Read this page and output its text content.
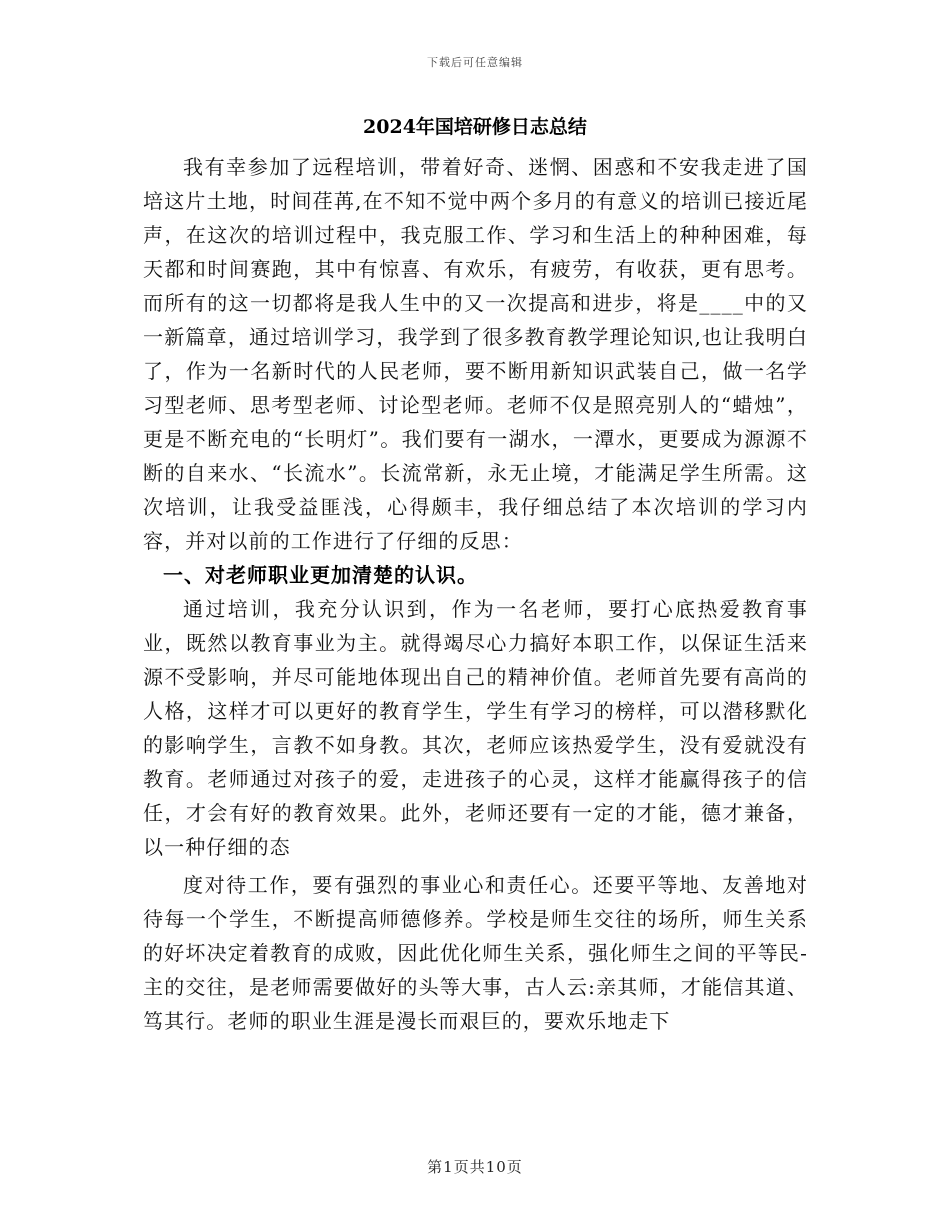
下载后可任意编辑
2024年国培研修日志总结

我有幸参加了远程培训，带着好奇、迷惘、困惑和不安我走进了国培这片土地，时间荏苒,在不知不觉中两个多月的有意义的培训已接近尾声，在这次的培训过程中，我克服工作、学习和生活上的种种困难，每天都和时间赛跑，其中有惊喜、有欢乐，有疲劳，有收获，更有思考。而所有的这一切都将是我人生中的又一次提高和进步，将是____中的又一新篇章，通过培训学习，我学到了很多教育教学理论知识,也让我明白了，作为一名新时代的人民老师，要不断用新知识武装自己，做一名学习型老师、思考型老师、讨论型老师。老师不仅是照亮别人的“蜡烛”，更是不断充电的“长明灯”。我们要有一湖水，一潭水，更要成为源源不断的自来水、“长流水”。长流常新，永无止境，才能满足学生所需。这次培训，让我受益匪浅，心得颇丰，我仔细总结了本次培训的学习内容，并对以前的工作进行了仔细的反思：

一、对老师职业更加清楚的认识。

通过培训，我充分认识到，作为一名老师，要打心底热爱教育事业，既然以教育事业为主。就得竭尽心力搞好本职工作，以保证生活来源不受影响，并尽可能地体现出自己的精神价值。老师首先要有高尚的人格，这样才可以更好的教育学生，学生有学习的榜样，可以潜移默化的影响学生，言教不如身教。其次，老师应该热爱学生，没有爱就没有教育。老师通过对孩子的爱，走进孩子的心灵，这样才能赢得孩子的信任，才会有好的教育效果。此外，老师还要有一定的才能，德才兼备，以一种仔细的态

度对待工作，要有强烈的事业心和责任心。还要平等地、友善地对待每一个学生，不断提高师德修养。学校是师生交往的场所，师生关系的好坏决定着教育的成败，因此优化师生关系，强化师生之间的平等民-主的交往，是老师需要做好的头等大事，古人云:亲其师，才能信其道、笃其行。老师的职业生涯是漫长而艰巨的，要欢乐地走下

第1页共10页
